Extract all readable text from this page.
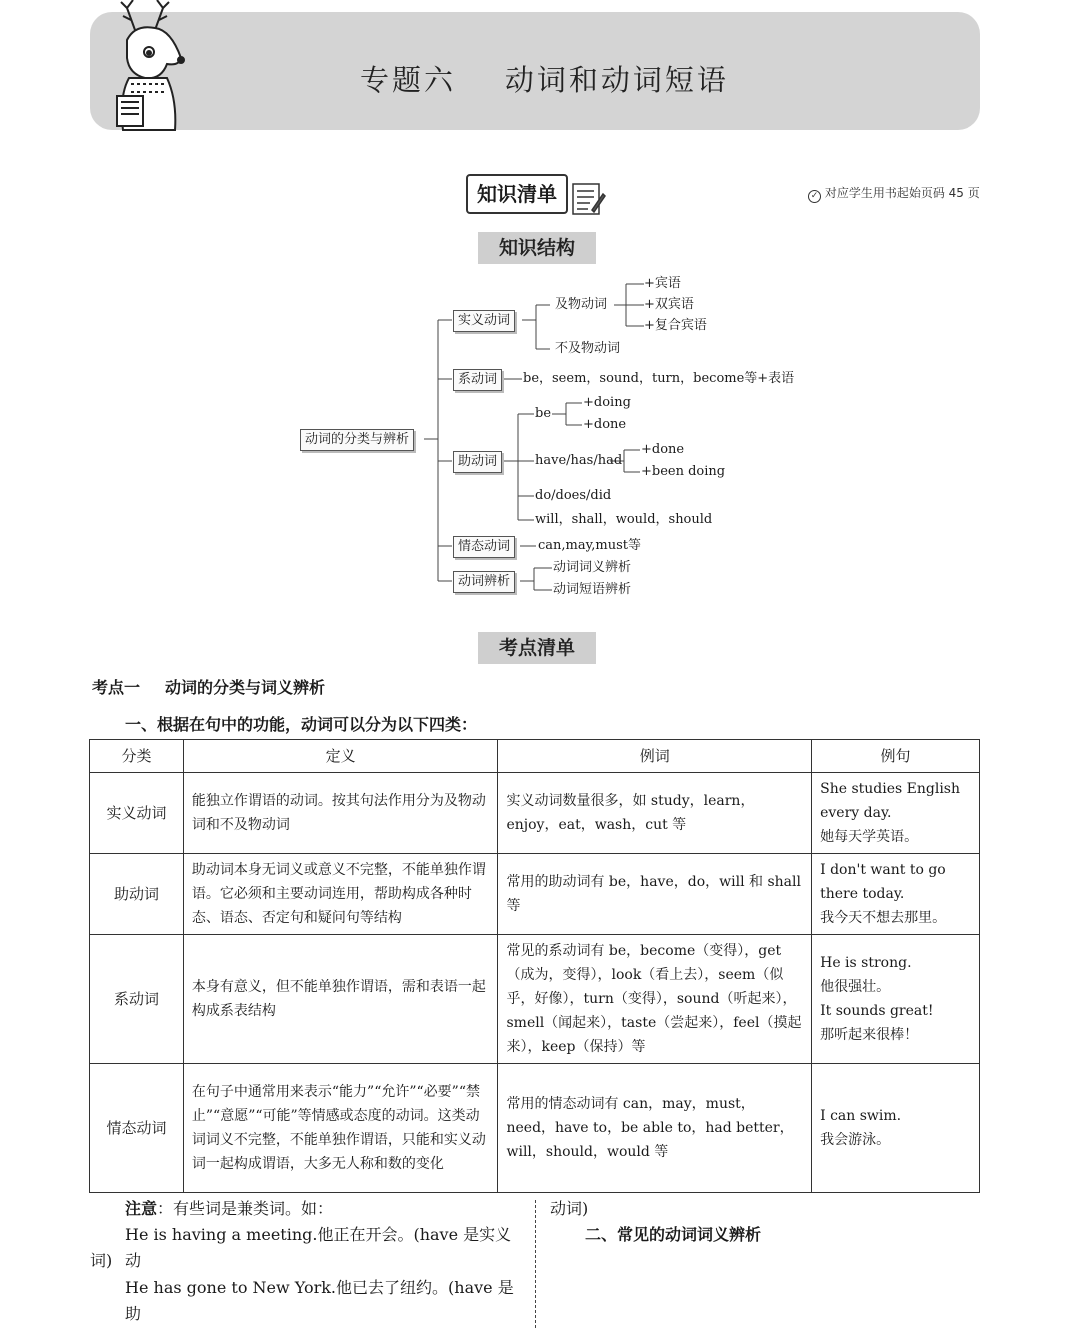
专题六    动词和动词短语
知识清单	✓ 对应学生用书起始页码 45 页
知识结构
动词的分类与辨析
实义动词
及物动词
+宾语
+双宾语
+复合宾语
不及物动词
系动词	be，seem，sound，turn，become等+表语
助动词
be
+doing
+done
have/has/had
+done
+been doing
do/does/did
will，shall，would，should
情态动词	can,may,must等
动词辨析
动词词义辨析
动词短语辨析
考点清单
考点一 动词的分类与词义辨析
一、根据在句中的功能，动词可以分为以下四类：
分类	定义	例词	例句
实义动词	能独立作谓语的动词。按其句法作用分为及物动词和不及物动词	实义动词数量很多，如 study，learn，enjoy，eat，wash，cut 等	She studies English every day.
她每天学英语。

助动词	助动词本身无词义或意义不完整，不能单独作谓语。它必须和主要动词连用，帮助构成各种时态、语态、否定句和疑问句等结构	常用的助动词有 be，have，do，will 和 shall 等	I don't want to go there today.
我今天不想去那里。

系动词	本身有意义，但不能单独作谓语，需和表语一起构成系表结构	常见的系动词有 be，become（变得），get（成为，变得），look（看上去），seem（似乎，好像），turn（变得），sound（听起来），smell（闻起来），taste（尝起来），feel（摸起来），keep（保持）等	He is strong.
他很强壮。
It sounds great!
那听起来很棒！

情态动词	在句子中通常用来表示“能力”“允许”“必要”“禁止”“意愿”“可能”等情感或态度的动词。这类动词词义不完整，不能单独作谓语，只能和实义动词一起构成谓语，大多无人称和数的变化	常用的情态动词有 can，may，must，need，have to，be able to，had better，will，should，would 等	I can swim.
我会游泳。
注意：有些词是兼类词。如：
He is having a meeting.他正在开会。(have 是实义动
词)
He has gone to New York.他已去了纽约。(have 是助
动词)
二、常见的动词词义辨析
